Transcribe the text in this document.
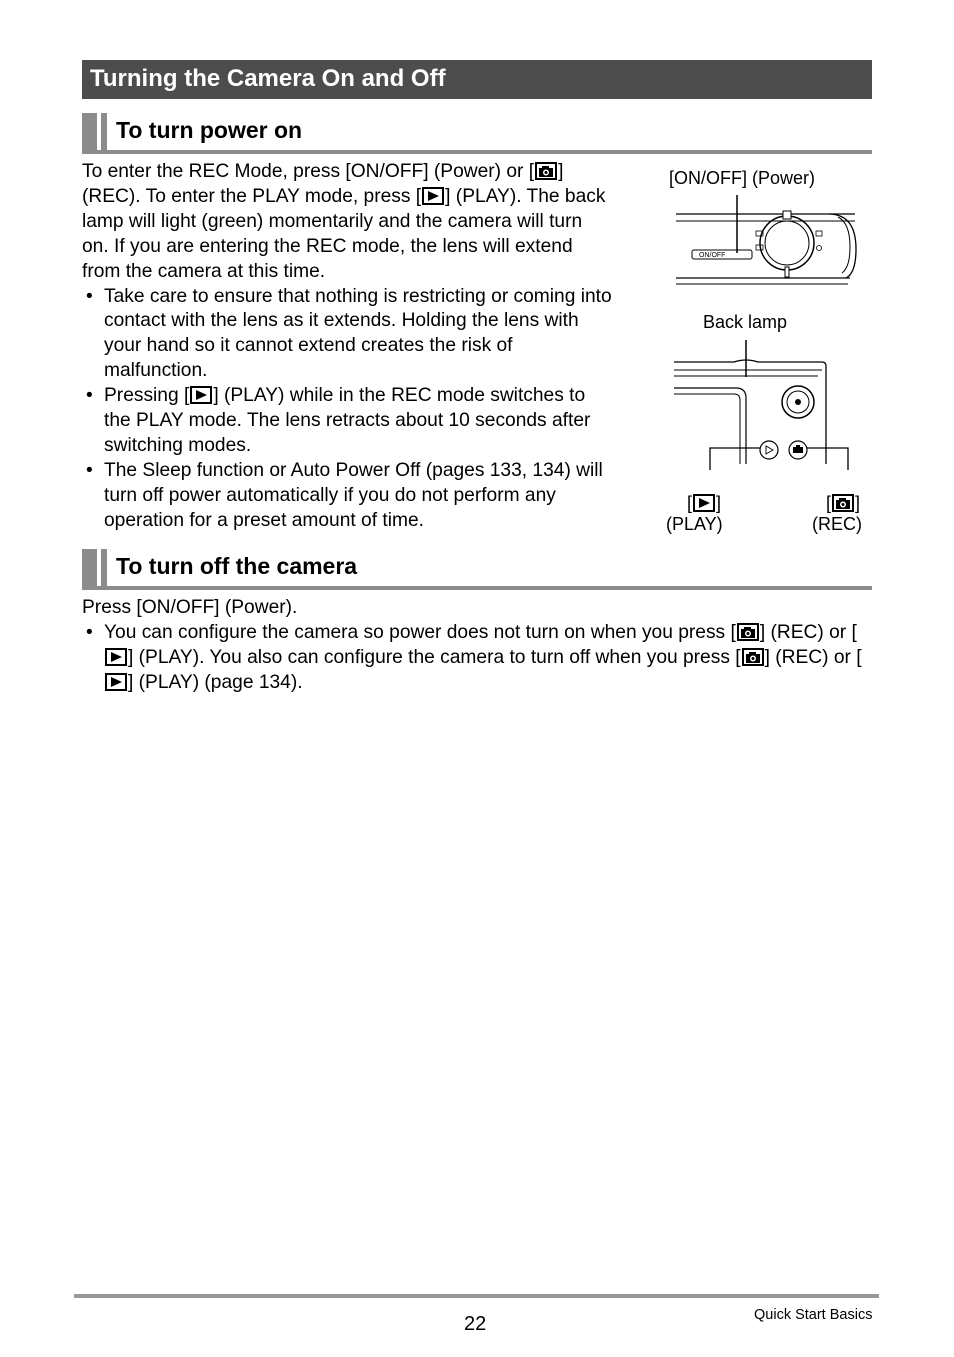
Turning the Camera On and Off
To turn power on

To enter the REC Mode, press [ON/OFF] (Power) or [ ] (REC). To enter the PLAY mode, press [ ] (PLAY). The back lamp will light (green) momentarily and the camera will turn on. If you are entering the REC mode, the lens will extend from the camera at this time.

• Take care to ensure that nothing is restricting or coming into contact with the lens as it extends. Holding the lens with your hand so it cannot extend creates the risk of malfunction.
• Pressing [ ] (PLAY) while in the REC mode switches to the PLAY mode. The lens retracts about 10 seconds after switching modes.
• The Sleep function or Auto Power Off (pages 133, 134) will turn off power automatically if you do not perform any operation for a preset amount of time.
[ON/OFF] (Power)
ON/OFF
Back lamp
[ ]
(PLAY)
[ ]
(REC)
To turn off the camera

Press [ON/OFF] (Power).

• You can configure the camera so power does not turn on when you press [ ] (REC) or [
] (PLAY). You also can configure the camera to turn off when you press [ ] (REC) or [
] (PLAY) (page 134).
22	Quick Start Basics
